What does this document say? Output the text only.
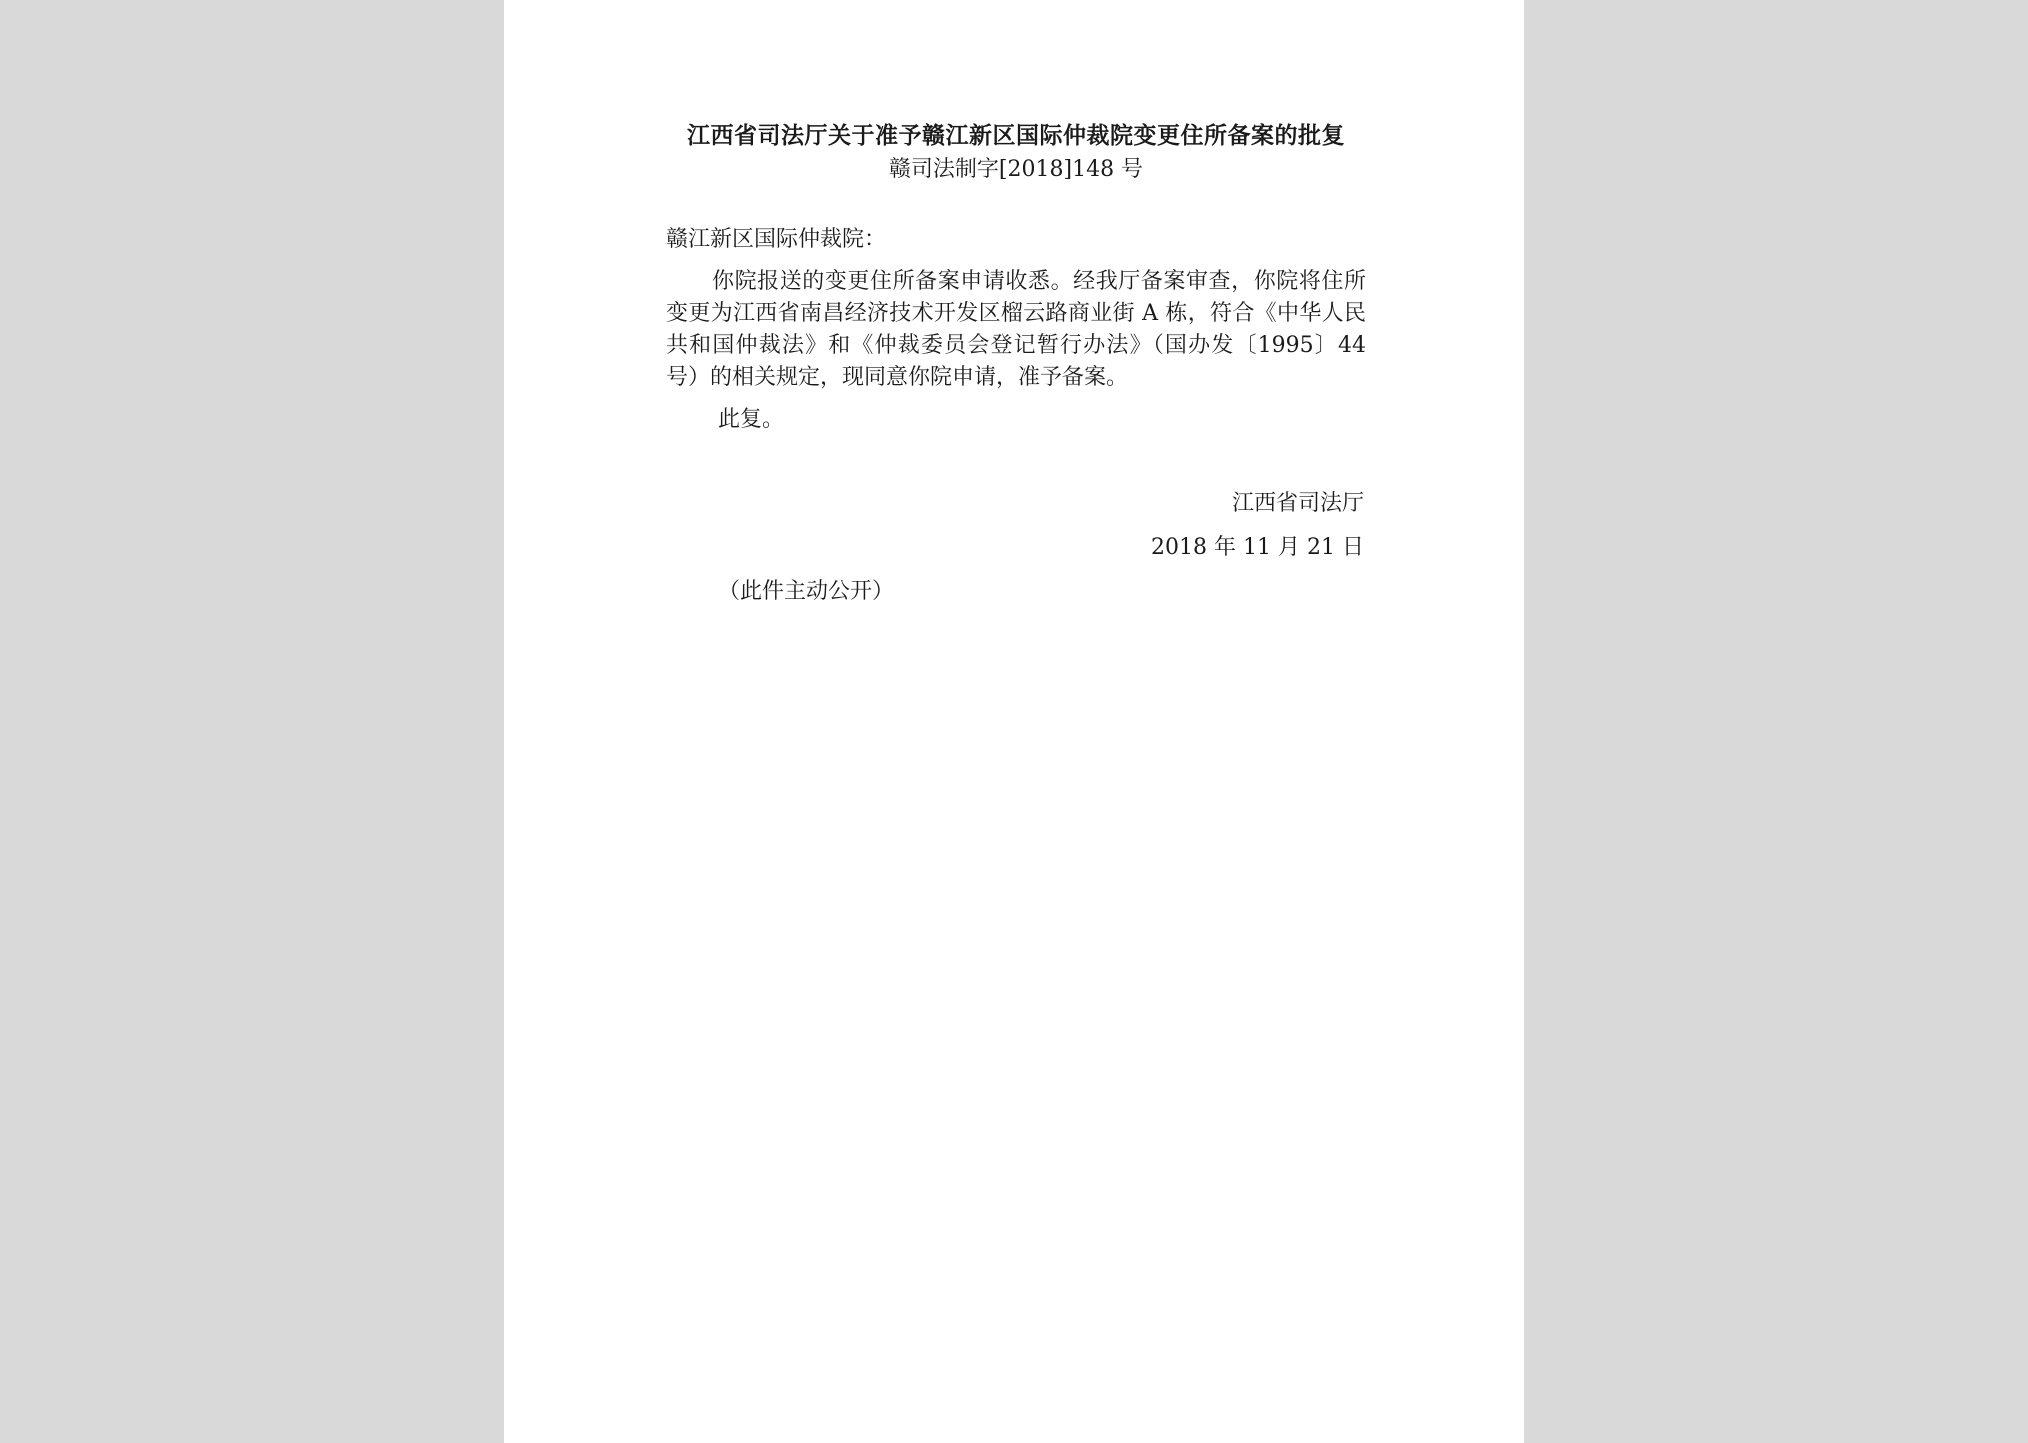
江西省司法厅关于准予赣江新区国际仲裁院变更住所备案的批复

赣司法制字[2018]148 号

赣江新区国际仲裁院：

你院报送的变更住所备案申请收悉。经我厅备案审查，你院将住所变更为江西省南昌经济技术开发区榴云路商业街 A 栋，符合《中华人民共和国仲裁法》和《仲裁委员会登记暂行办法》（国办发〔1995〕44 号）的相关规定，现同意你院申请，准予备案。

此复。

江西省司法厅

2018 年 11 月 21 日

（此件主动公开）
